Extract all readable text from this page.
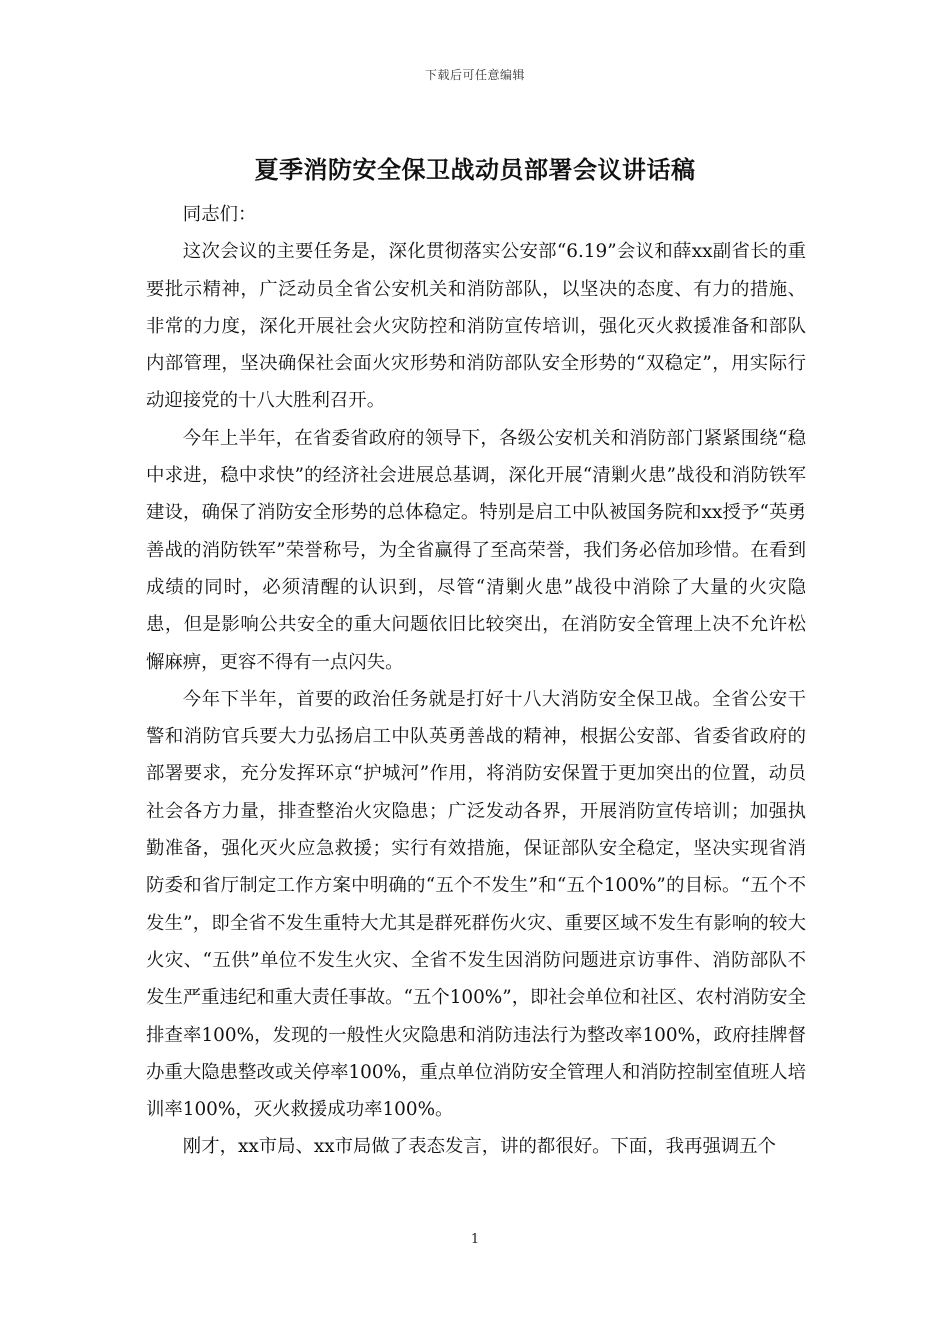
下载后可任意编辑
夏季消防安全保卫战动员部署会议讲话稿

同志们：

这次会议的主要任务是，深化贯彻落实公安部“6.19”会议和薛xx副省长的重要批示精神，广泛动员全省公安机关和消防部队，以坚决的态度、有力的措施、非常的力度，深化开展社会火灾防控和消防宣传培训，强化灭火救援准备和部队内部管理，坚决确保社会面火灾形势和消防部队安全形势的“双稳定”，用实际行动迎接党的十八大胜利召开。

今年上半年，在省委省政府的领导下，各级公安机关和消防部门紧紧围绕“稳中求进，稳中求快”的经济社会进展总基调，深化开展“清剿火患”战役和消防铁军建设，确保了消防安全形势的总体稳定。特别是启工中队被国务院和xx授予“英勇善战的消防铁军”荣誉称号，为全省赢得了至高荣誉，我们务必倍加珍惜。在看到成绩的同时，必须清醒的认识到，尽管“清剿火患”战役中消除了大量的火灾隐患，但是影响公共安全的重大问题依旧比较突出，在消防安全管理上决不允许松懈麻痹，更容不得有一点闪失。

今年下半年，首要的政治任务就是打好十八大消防安全保卫战。全省公安干警和消防官兵要大力弘扬启工中队英勇善战的精神，根据公安部、省委省政府的部署要求，充分发挥环京“护城河”作用，将消防安保置于更加突出的位置，动员社会各方力量，排查整治火灾隐患；广泛发动各界，开展消防宣传培训；加强执勤准备，强化灭火应急救援；实行有效措施，保证部队安全稳定，坚决实现省消防委和省厅制定工作方案中明确的“五个不发生”和“五个100%”的目标。“五个不发生”，即全省不发生重特大尤其是群死群伤火灾、重要区域不发生有影响的较大火灾、“五供”单位不发生火灾、全省不发生因消防问题进京访事件、消防部队不发生严重违纪和重大责任事故。“五个100%”，即社会单位和社区、农村消防安全排查率100%，发现的一般性火灾隐患和消防违法行为整改率100%，政府挂牌督办重大隐患整改或关停率100%，重点单位消防安全管理人和消防控制室值班人培训率100%，灭火救援成功率100%。

刚才，xx市局、xx市局做了表态发言，讲的都很好。下面，我再强调五个

1
